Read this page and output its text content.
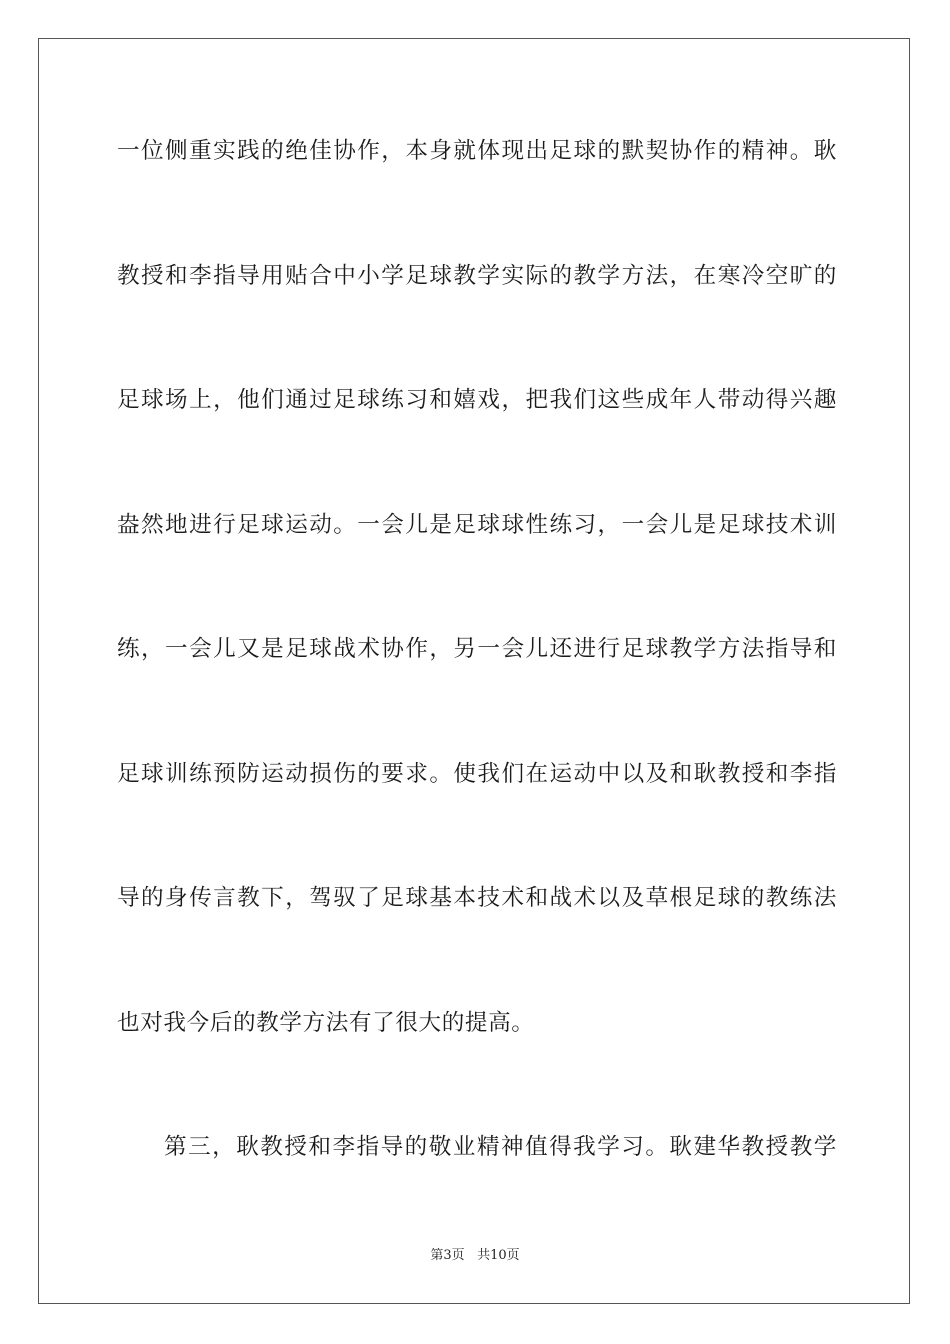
一位侧重实践的绝佳协作，本身就体现出足球的默契协作的精神。耿
教授和李指导用贴合中小学足球教学实际的教学方法，在寒冷空旷的
足球场上，他们通过足球练习和嬉戏，把我们这些成年人带动得兴趣
盎然地进行足球运动。一会儿是足球球性练习，一会儿是足球技术训
练，一会儿又是足球战术协作，另一会儿还进行足球教学方法指导和
足球训练预防运动损伤的要求。使我们在运动中以及和耿教授和李指
导的身传言教下，驾驭了足球基本技术和战术以及草根足球的教练法
也对我今后的教学方法有了很大的提高。
第三，耿教授和李指导的敬业精神值得我学习。耿建华教授教学
第3页 共10页
